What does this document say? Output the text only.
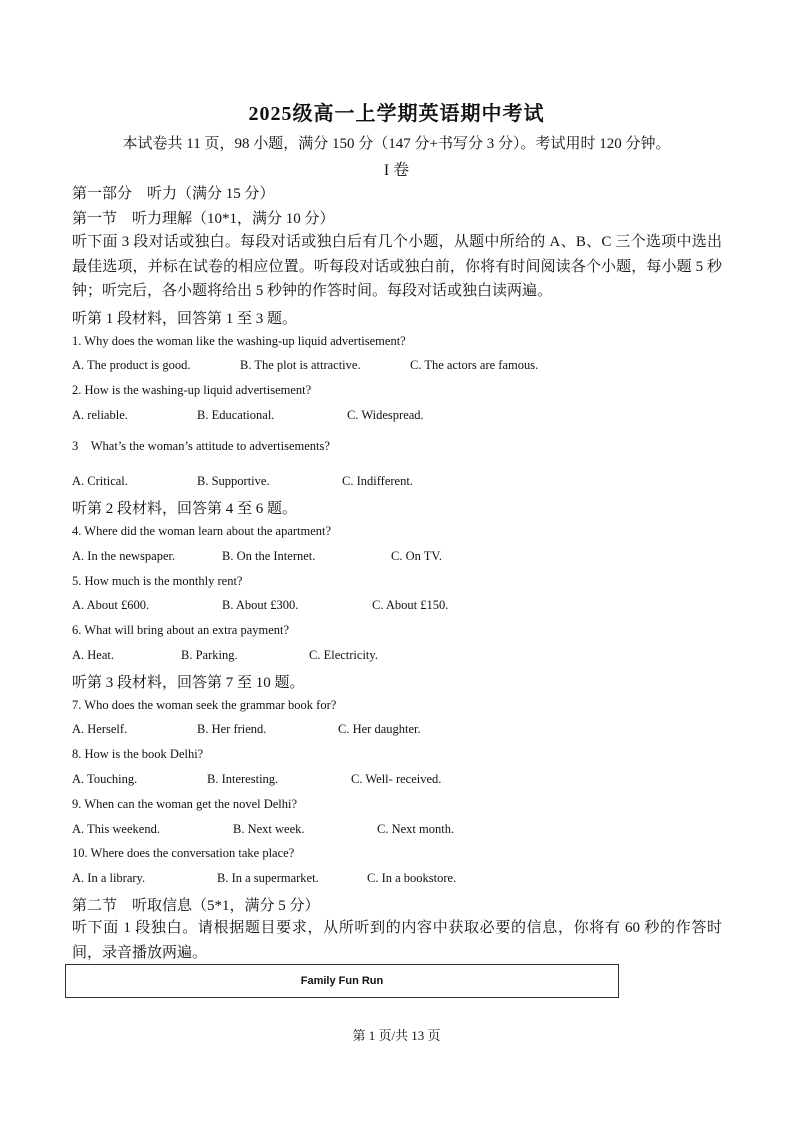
2025级高一上学期英语期中考试
本试卷共 11 页，98 小题，满分 150 分（147 分+书写分 3 分）。考试用时 120 分钟。
I 卷
第一部分　听力（满分 15 分）
第一节　听力理解（10*1，满分 10 分）
听下面 3 段对话或独白。每段对话或独白后有几个小题，从题中所给的 A、B、C 三个选项中选出最佳选项，并标在试卷的相应位置。听每段对话或独白前，你将有时间阅读各个小题，每小题 5 秒钟；听完后，各小题将给出 5 秒钟的作答时间。每段对话或独白读两遍。
听第 1 段材料，回答第 1 至 3 题。
1. Why does the woman like the washing-up liquid advertisement?
A. The product is good.	B. The plot is attractive.	C. The actors are famous.
2. How is the washing-up liquid advertisement?
A. reliable.	B. Educational.	C. Widespread.
3　What’s the woman’s attitude to advertisements?
A. Critical.	B. Supportive.	C. Indifferent.
听第 2 段材料，回答第 4 至 6 题。
4. Where did the woman learn about the apartment?
A. In the newspaper.	B. On the Internet.	C. On TV.
5. How much is the monthly rent?
A. About £600.	B. About £300.	C. About £150.
6. What will bring about an extra payment?
A. Heat.	B. Parking.	C. Electricity.
听第 3 段材料，回答第 7 至 10 题。
7. Who does the woman seek the grammar book for?
A. Herself.	B. Her friend.	C. Her daughter.
8. How is the book Delhi?
A. Touching.	B. Interesting.	C. Well- received.
9. When can the woman get the novel Delhi?
A. This weekend.	B. Next week.	C. Next month.
10. Where does the conversation take place?
A. In a library.	B. In a supermarket.	C. In a bookstore.
第二节　听取信息（5*1，满分 5 分）
听下面 1 段独白。请根据题目要求，从所听到的内容中获取必要的信息，你将有 60 秒的作答时间，录音播放两遍。
Family Fun Run
第 1 页/共 13 页
